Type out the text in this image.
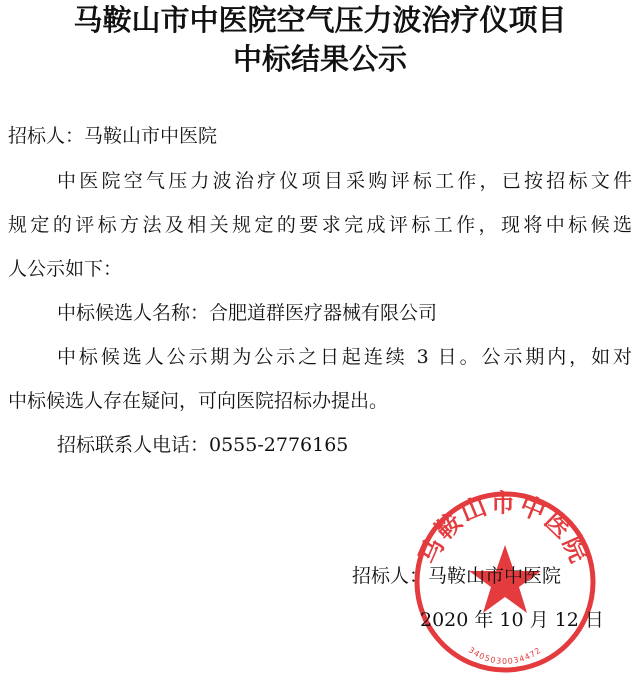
马鞍山市中医院空气压力波治疗仪项目
中标结果公示
招标人：马鞍山市中医院
中医院空气压力波治疗仪项目采购评标工作，已按招标文件
规定的评标方法及相关规定的要求完成评标工作，现将中标候选
人公示如下：
中标候选人名称：合肥道群医疗器械有限公司
中标候选人公示期为公示之日起连续 3 日。公示期内，如对
中标候选人存在疑问，可向医院招标办提出。
招标联系人电话：0555-2776165
马鞍山市中医院
3405030034472
招标人：马鞍山市中医院
2020 年 10 月 12 日
